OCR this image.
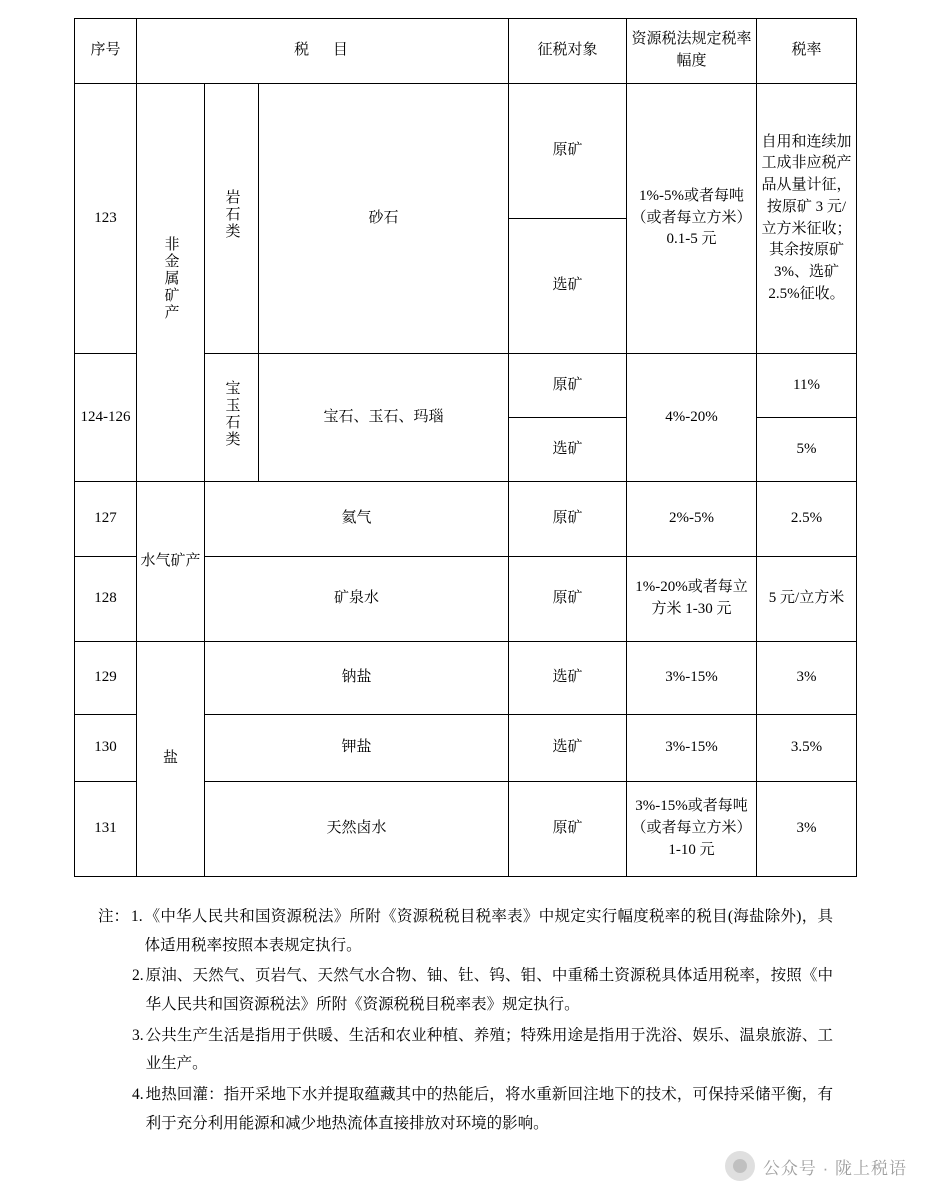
序号	税 目			征税对象	资源税法规定税率幅度	税率
123	非金属矿产	岩石类	砂石	原矿	1%-5%或者每吨（或者每立方米）0.1-5 元	自用和连续加工成非应税产品从量计征，按原矿 3 元/立方米征收；其余按原矿 3%、选矿 2.5%征收。
				选矿		
124-126		宝玉石类	宝石、玉石、玛瑙	原矿	4%-20%	11%
				选矿		5%
127	水气矿产	氦气		原矿	2%-5%	2.5%
128		矿泉水		原矿	1%-20%或者每立方米 1-30 元	5 元/立方米
129	盐	钠盐		选矿	3%-15%	3%
130		钾盐		选矿	3%-15%	3.5%
131		天然卤水		原矿	3%-15%或者每吨（或者每立方米）1-10 元	3%
注： 1. 《中华人民共和国资源税法》所附《资源税税目税率表》中规定实行幅度税率的税目(海盐除外)，具体适用税率按照本表规定执行。
2. 原油、天然气、页岩气、天然气水合物、铀、钍、钨、钼、中重稀土资源税具体适用税率，按照《中华人民共和国资源税法》所附《资源税税目税率表》规定执行。
3. 公共生产生活是指用于供暖、生活和农业种植、养殖；特殊用途是指用于洗浴、娱乐、温泉旅游、工业生产。
4. 地热回灌：指开采地下水并提取蕴藏其中的热能后，将水重新回注地下的技术，可保持采储平衡，有利于充分利用能源和减少地热流体直接排放对环境的影响。
公众号 · 陇上税语
